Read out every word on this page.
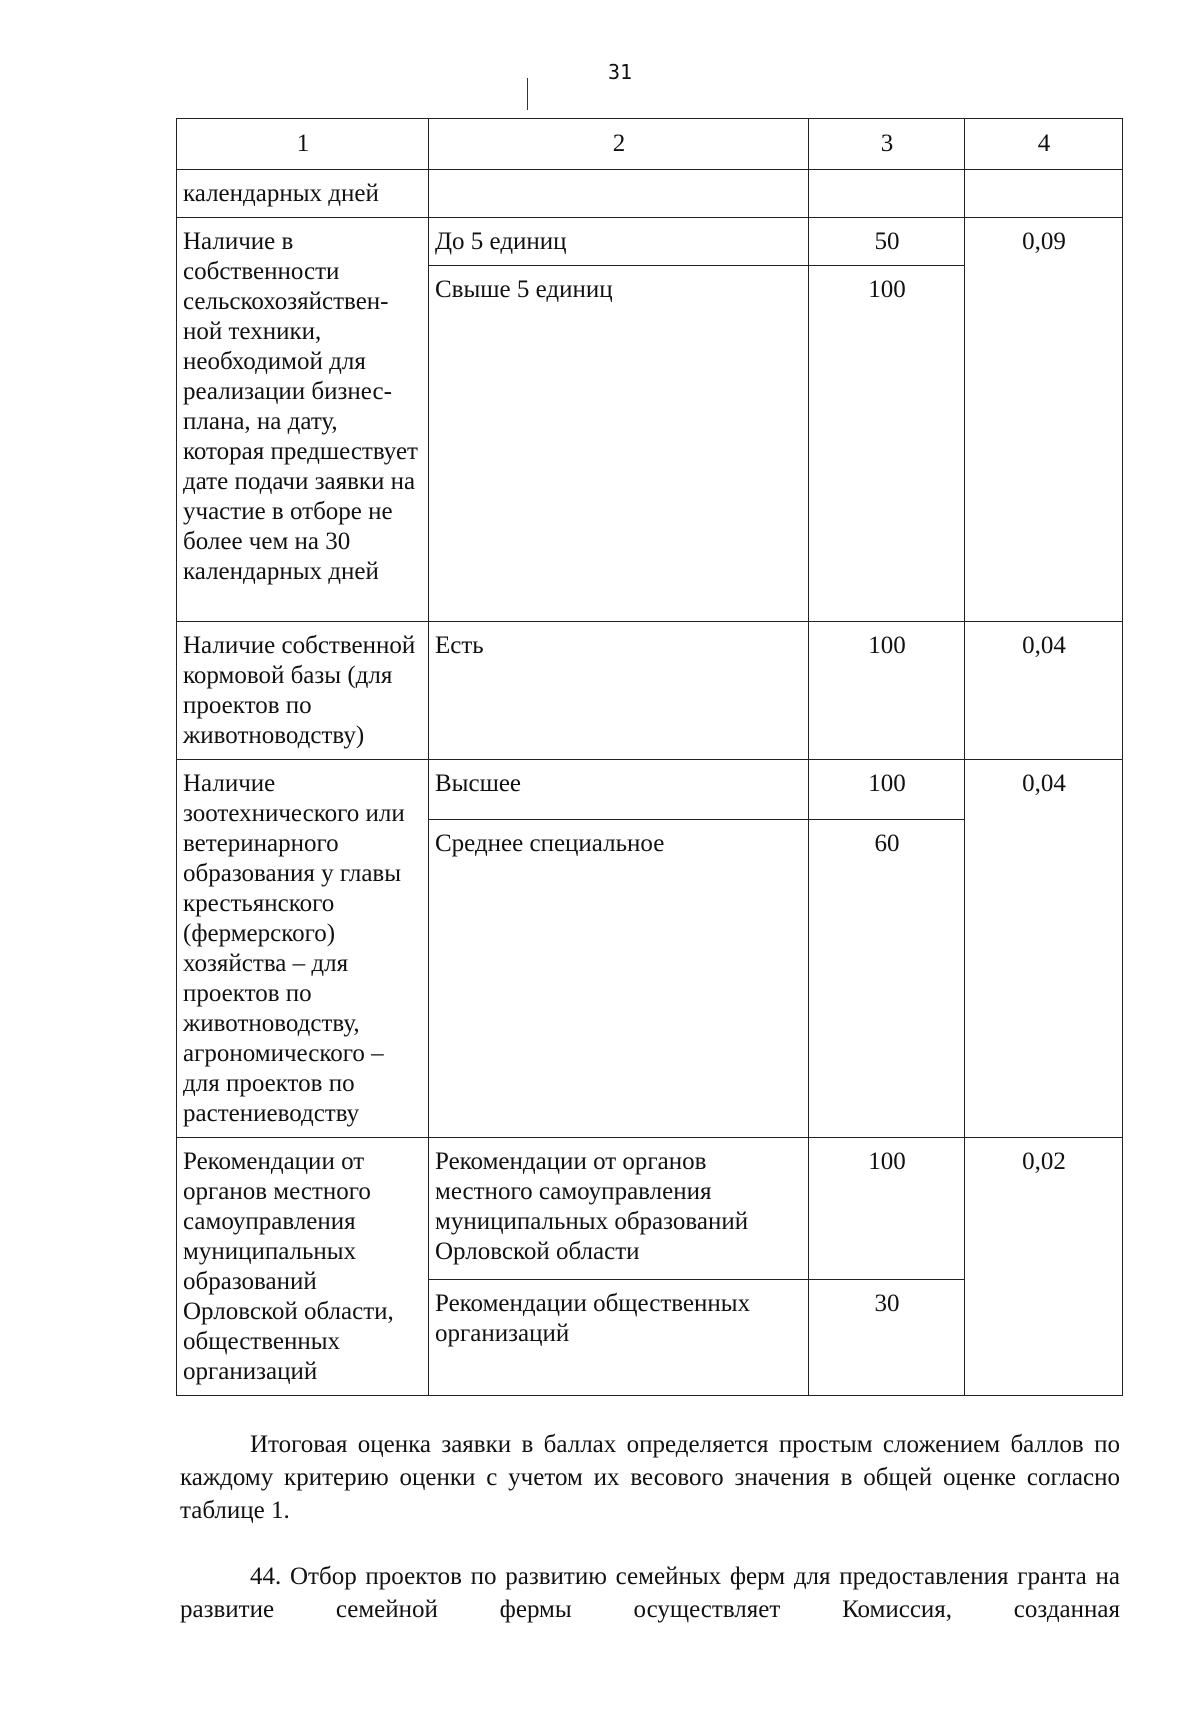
31
1	2	3	4
календарных дней			
Наличие в собственности сельскохозяйствен-ной техники, необходимой для реализации бизнес-плана, на дату, которая предшествует дате подачи заявки на участие в отборе не более чем на 30 календарных дней	До 5 единиц	50	0,09
	Свыше 5 единиц	100	
Наличие собственной кормовой базы (для проектов по животноводству)	Есть	100	0,04
Наличие зоотехнического или ветеринарного образования у главы крестьянского (фермерского) хозяйства – для проектов по животноводству, агрономического – для проектов по растениеводству	Высшее	100	0,04
	Среднее специальное	60	
Рекомендации от органов местного самоуправления муниципальных образований Орловской области, общественных организаций	Рекомендации от органов местного самоуправления муниципальных образований Орловской области	100	0,02
	Рекомендации общественных организаций	30	
Итоговая оценка заявки в баллах определяется простым сложением баллов по каждому критерию оценки с учетом их весового значения в общей оценке согласно таблице 1.
44. Отбор проектов по развитию семейных ферм для предоставления гранта на развитие семейной фермы осуществляет Комиссия, созданная
